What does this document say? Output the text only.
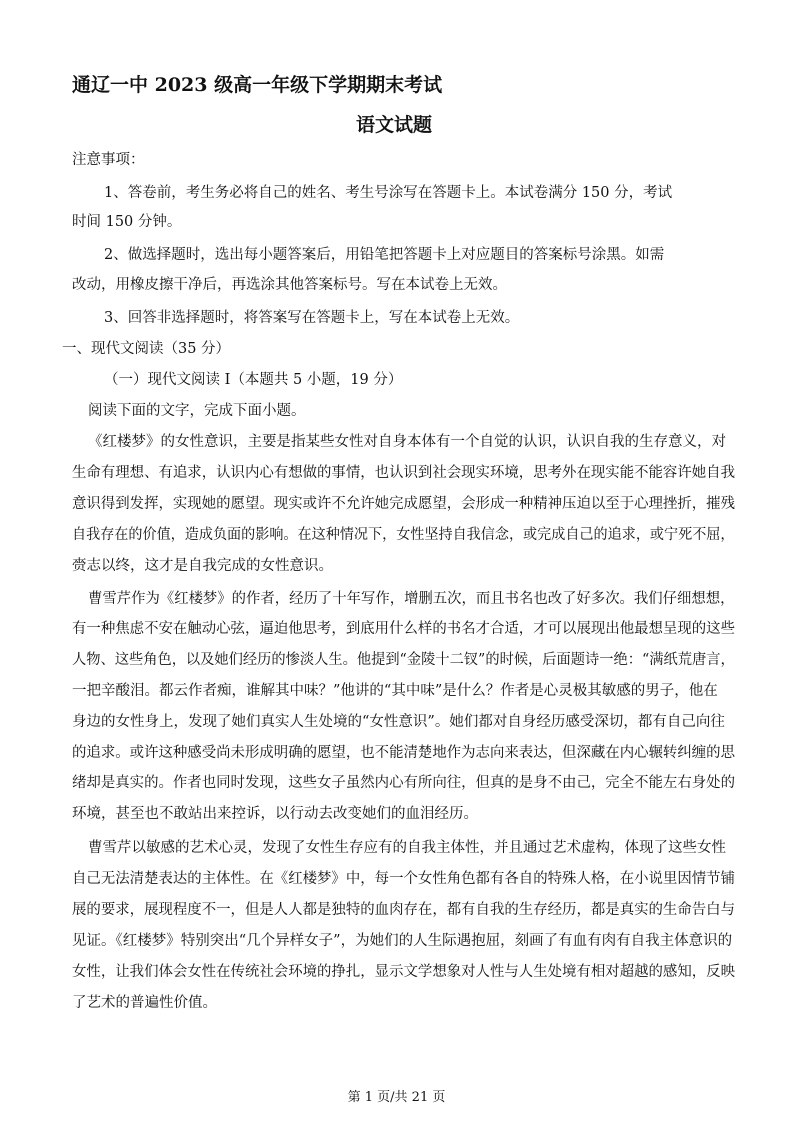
通辽一中 2023 级高一年级下学期期末考试
语文试题
注意事项：
1、答卷前，考生务必将自己的姓名、考生号涂写在答题卡上。本试卷满分 150 分，考试
时间 150 分钟。
2、做选择题时，选出每小题答案后，用铅笔把答题卡上对应题目的答案标号涂黑。如需
改动，用橡皮擦干净后，再选涂其他答案标号。写在本试卷上无效。
3、回答非选择题时，将答案写在答题卡上，写在本试卷上无效。
一、现代文阅读（35 分）
（一）现代文阅读 I（本题共 5 小题，19 分）
阅读下面的文字，完成下面小题。
《红楼梦》的女性意识，主要是指某些女性对自身本体有一个自觉的认识，认识自我的生存意义，对
生命有理想、有追求，认识内心有想做的事情，也认识到社会现实环境，思考外在现实能不能容许她自我
意识得到发挥，实现她的愿望。现实或许不允许她完成愿望，会形成一种精神压迫以至于心理挫折，摧残
自我存在的价值，造成负面的影响。在这种情况下，女性坚持自我信念，或完成自己的追求，或宁死不屈，
赍志以终，这才是自我完成的女性意识。
曹雪芹作为《红楼梦》的作者，经历了十年写作，增删五次，而且书名也改了好多次。我们仔细想想，
有一种焦虑不安在触动心弦，逼迫他思考，到底用什么样的书名才合适，才可以展现出他最想呈现的这些
人物、这些角色，以及她们经历的惨淡人生。他提到“金陵十二钗”的时候，后面题诗一绝：“满纸荒唐言，
一把辛酸泪。都云作者痴，谁解其中味？”他讲的“其中味”是什么？作者是心灵极其敏感的男子，他在
身边的女性身上，发现了她们真实人生处境的“女性意识”。她们都对自身经历感受深切，都有自己向往
的追求。或许这种感受尚未形成明确的愿望，也不能清楚地作为志向来表达，但深藏在内心辗转纠缠的思
绪却是真实的。作者也同时发现，这些女子虽然内心有所向往，但真的是身不由己，完全不能左右身处的
环境，甚至也不敢站出来控诉，以行动去改变她们的血泪经历。
曹雪芹以敏感的艺术心灵，发现了女性生存应有的自我主体性，并且通过艺术虚构，体现了这些女性
自己无法清楚表达的主体性。在《红楼梦》中，每一个女性角色都有各自的特殊人格，在小说里因情节铺
展的要求，展现程度不一，但是人人都是独特的血肉存在，都有自我的生存经历，都是真实的生命告白与
见证。《红楼梦》特别突出“几个异样女子”，为她们的人生际遇抱屈，刻画了有血有肉有自我主体意识的
女性，让我们体会女性在传统社会环境的挣扎，显示文学想象对人性与人生处境有相对超越的感知，反映
了艺术的普遍性价值。
第 1 页/共 21 页
